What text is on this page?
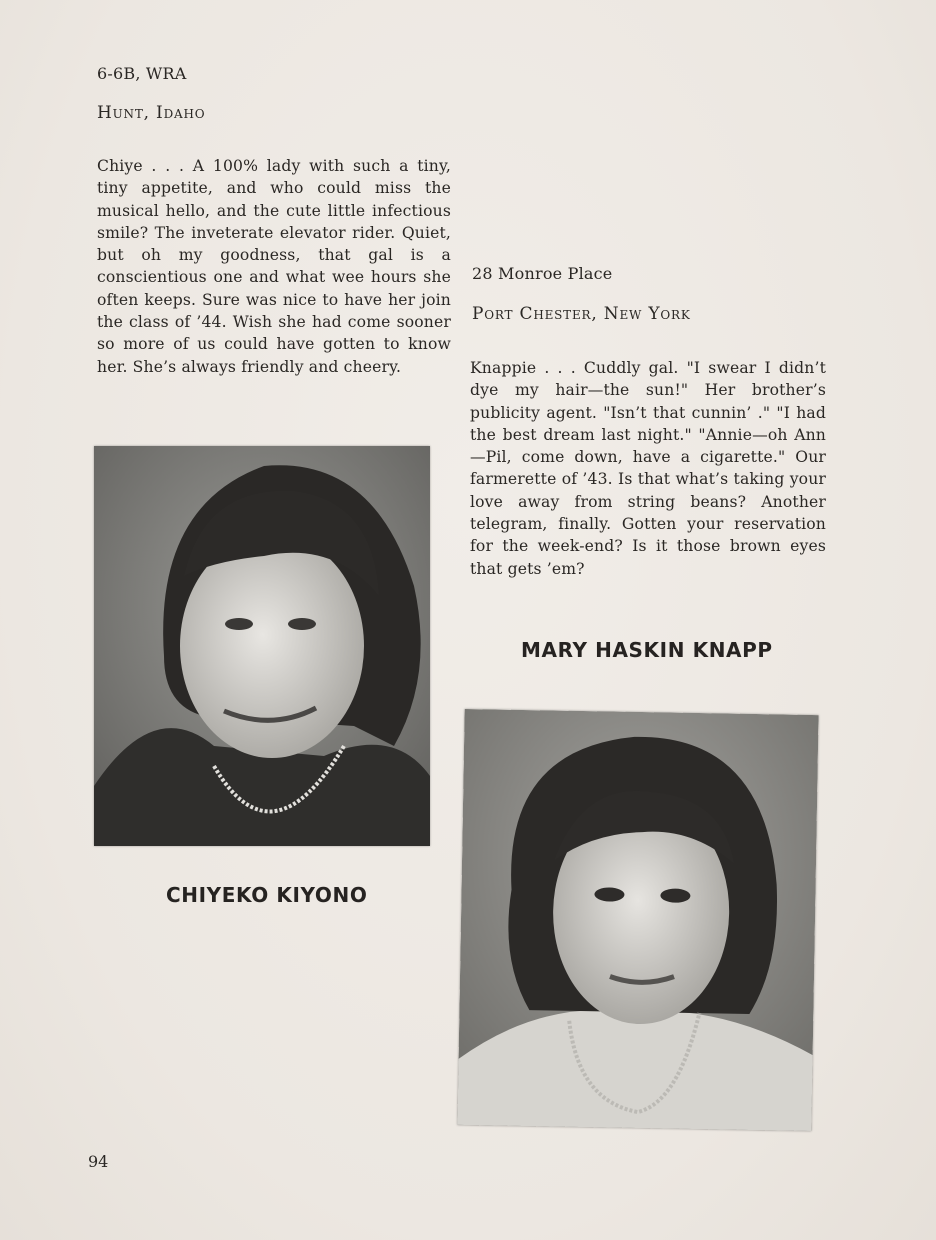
6-6B, WRA
Hunt, Idaho
Chiye . . . A 100% lady with such a tiny, tiny appetite, and who could miss the musical hello, and the cute little infectious smile? The inveterate elevator rider. Quiet, but oh my goodness, that gal is a conscientious one and what wee hours she often keeps. Sure was nice to have her join the class of ’44. Wish she had come sooner so more of us could have gotten to know her. She’s always friendly and cheery.
CHIYEKO KIYONO
28 Monroe Place
Port Chester, New York
Knappie . . . Cuddly gal. "I swear I didn’t dye my hair—the sun!" Her brother’s publicity agent. "Isn’t that cunnin’ ." "I had the best dream last night." "Annie—oh Ann—Pil, come down, have a cigarette." Our farmerette of ’43. Is that what’s taking your love away from string beans? Another telegram, finally. Gotten your reservation for the week-end? Is it those brown eyes that gets ’em?
MARY HASKIN KNAPP
94
